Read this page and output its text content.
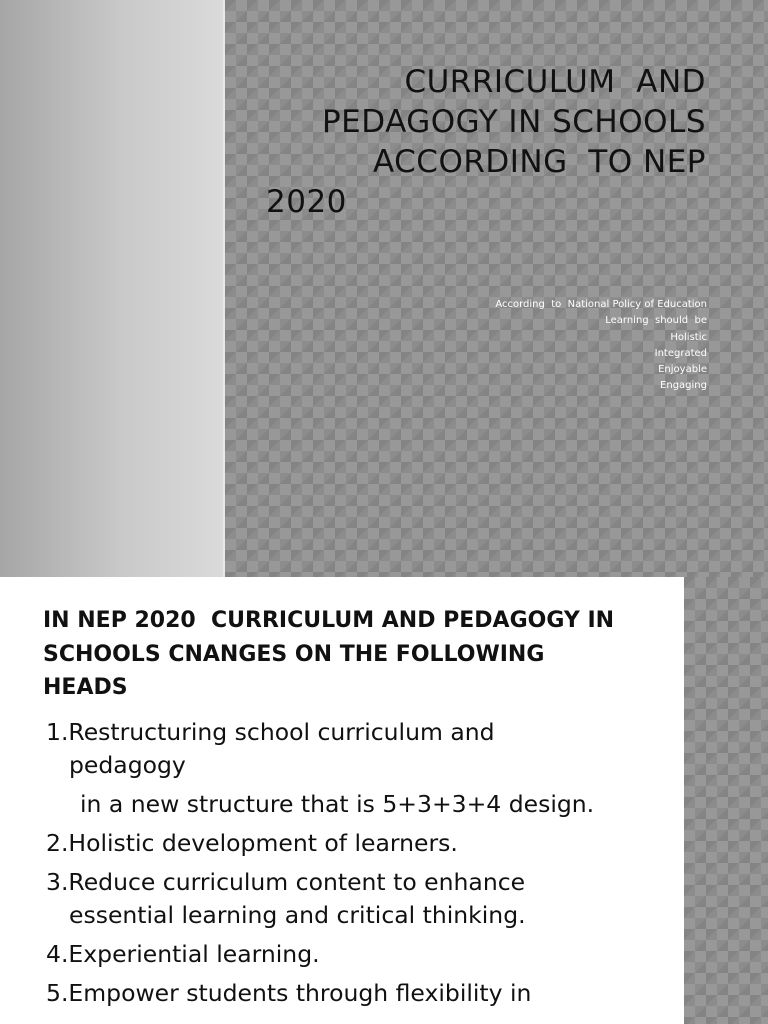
CURRICULUM  AND
PEDAGOGY IN SCHOOLS
ACCORDING  TO NEP
2020
According  to  National Policy of Education
Learning  should  be
Holistic
Integrated
Enjoyable
Engaging
IN NEP 2020  CURRICULUM AND PEDAGOGY IN
SCHOOLS CNANGES ON THE FOLLOWING
HEADS
1.Restructuring school curriculum and
pedagogy
in a new structure that is 5+3+3+4 design.
2.Holistic development of learners.
3.Reduce curriculum content to enhance
essential learning and critical thinking.
4.Experiential learning.
5.Empower students through flexibility in
